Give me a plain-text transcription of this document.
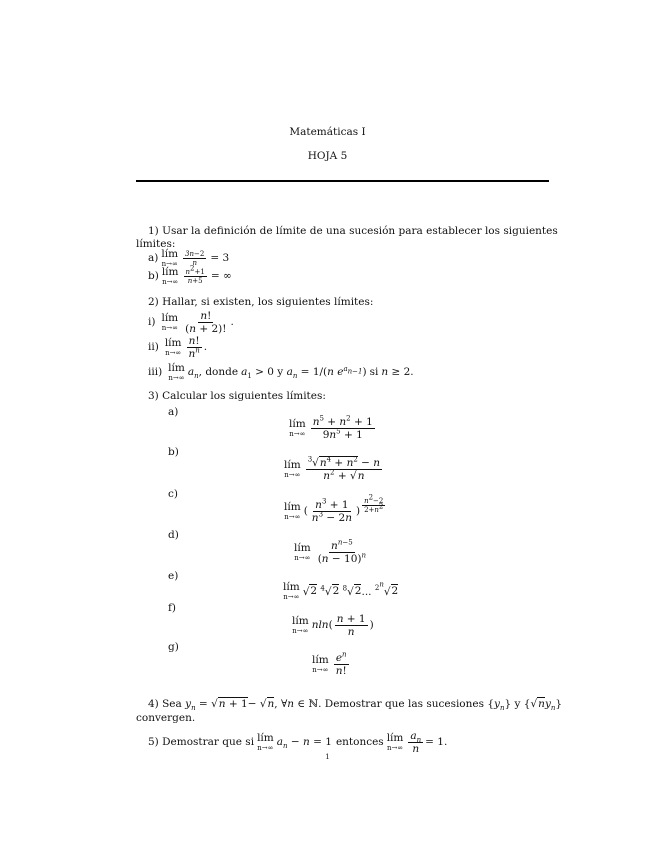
Matemáticas I
HOJA 5
1) Usar la definición de límite de una sucesión para establecer los siguientes
límites:
a) lím
$n\to\infty \frac{3n-2}{n} = 3$
b) lím
$n\to\infty \frac{n^2+1}{n+5}$ = ∞
2) Hallar, si existen, los siguientes límites:
i) lím
$n\to\infty \frac{n!}{(n + 2)!}$ .
ii) lím
$n\to\infty \frac{n!}{n^n}$ .
iii) lím
n→∞ $a_n$ , donde $a_1 > 0$ y $a_n = 1/(n$ $e^{a_{n-1}}$) si n ≥ 2.
3) Calcular los siguientes límites:
a)
lím
$n\to\infty \frac{n^5 + n^2 + 1}{9n^5 + 1}$
b)
lím
$n\to\infty \frac{^3√n^4 + n^2 - n}{n^2 + √n}$
c)
lím
n→∞ ( $\frac{n^3 + 1}{n^3 - 2n}$ ) $\frac{n^2-2}{2+n^2}$
d)
lím
$n\to\infty \frac{n^{n-5}}{(n - 10)^n}$
e)
lím
n→∞ √2 $^4$√2 $^8$√2... $^{2^n}$√2
f)
lím
n→∞ $nln( \frac{n + 1}{n}$ )
g)
lím
$n\to\infty \frac{e^n}{n!}$
4) Sea $y_n = √n + 1- √n$, ∀n ∈ ℕ. Demostrar que las sucesiones $\{y_n\}$ y $\{√ny_n\}$
convergen.
5) Demostrar que si lím
n→∞ $a_n - n = 1$ entonces lím
$n\to\infty \frac{a_n}{n} = 1$.
1
